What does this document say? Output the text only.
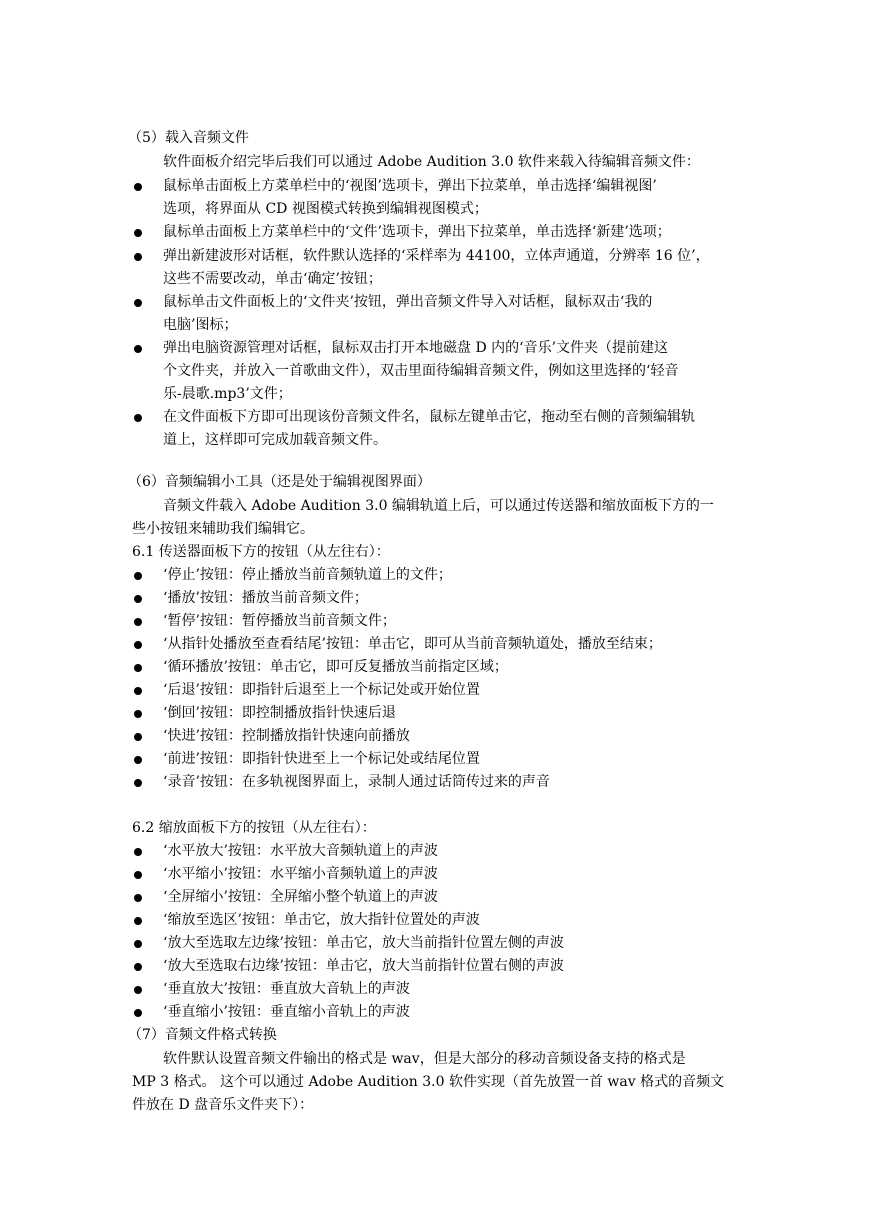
（5）载入音频文件
软件面板介绍完毕后我们可以通过 Adobe Audition 3.0 软件来载入待编辑音频文件：
鼠标单击面板上方菜单栏中的‘视图’选项卡，弹出下拉菜单，单击选择‘编辑视图’
选项，将界面从 CD 视图模式转换到编辑视图模式；
鼠标单击面板上方菜单栏中的‘文件’选项卡，弹出下拉菜单，单击选择‘新建’选项；
弹出新建波形对话框，软件默认选择的‘采样率为 44100，立体声通道，分辨率 16 位’，
这些不需要改动，单击‘确定’按钮；
鼠标单击文件面板上的‘文件夹’按钮，弹出音频文件导入对话框，鼠标双击‘我的
电脑’图标；
弹出电脑资源管理对话框，鼠标双击打开本地磁盘 D 内的‘音乐’文件夹（提前建这
个文件夹，并放入一首歌曲文件），双击里面待编辑音频文件，例如这里选择的‘轻音
乐-晨歌.mp3’文件；
在文件面板下方即可出现该份音频文件名，鼠标左键单击它，拖动至右侧的音频编辑轨
道上，这样即可完成加载音频文件。
（6）音频编辑小工具（还是处于编辑视图界面）
音频文件载入 Adobe Audition 3.0 编辑轨道上后，可以通过传送器和缩放面板下方的一
些小按钮来辅助我们编辑它。
6.1 传送器面板下方的按钮（从左往右）：
‘停止’按钮：停止播放当前音频轨道上的文件；
‘播放’按钮：播放当前音频文件；
‘暂停’按钮：暂停播放当前音频文件；
‘从指针处播放至查看结尾’按钮：单击它，即可从当前音频轨道处，播放至结束；
‘循环播放’按钮：单击它，即可反复播放当前指定区域；
‘后退’按钮：即指针后退至上一个标记处或开始位置
‘倒回’按钮：即控制播放指针快速后退
‘快进’按钮：控制播放指针快速向前播放
‘前进’按钮：即指针快进至上一个标记处或结尾位置
‘录音’按钮：在多轨视图界面上，录制人通过话筒传过来的声音
6.2 缩放面板下方的按钮（从左往右）：
‘水平放大’按钮：水平放大音频轨道上的声波
‘水平缩小’按钮：水平缩小音频轨道上的声波
‘全屏缩小’按钮：全屏缩小整个轨道上的声波
‘缩放至选区’按钮：单击它，放大指针位置处的声波
‘放大至选取左边缘’按钮：单击它，放大当前指针位置左侧的声波
‘放大至选取右边缘’按钮：单击它，放大当前指针位置右侧的声波
‘垂直放大’按钮：垂直放大音轨上的声波
‘垂直缩小’按钮：垂直缩小音轨上的声波
（7）音频文件格式转换
软件默认设置音频文件输出的格式是 wav，但是大部分的移动音频设备支持的格式是
MP 3 格式。 这个可以通过 Adobe Audition 3.0 软件实现（首先放置一首 wav 格式的音频文
件放在 D 盘音乐文件夹下）：
